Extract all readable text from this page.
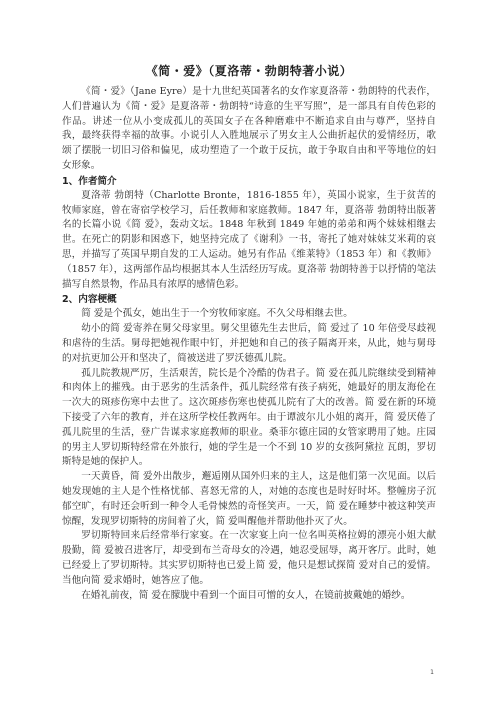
《简・爱》（夏洛蒂・勃朗特著小说）

《简・爱》（Jane Eyre）是十九世纪英国著名的女作家夏洛蒂・勃朗特的代表作，人们普遍认为《简・爱》是夏洛蒂・勃朗特“诗意的生平写照”，是一部具有自传色彩的作品。讲述一位从小变成孤儿的英国女子在各种磨难中不断追求自由与尊严，坚持自我，最终获得幸福的故事。小说引人入胜地展示了男女主人公曲折起伏的爱情经历，歌颂了摆脱一切旧习俗和偏见，成功塑造了一个敢于反抗，敢于争取自由和平等地位的妇女形象。

1、作者简介

夏洛蒂 勃朗特（Charlotte Bronte，1816-1855 年），英国小说家，生于贫苦的牧师家庭，曾在寄宿学校学习，后任教师和家庭教师。1847 年，夏洛蒂 勃朗特出版著名的长篇小说《简 爱》，轰动文坛。1848 年秋到 1849 年她的弟弟和两个妹妹相继去世。在死亡的阴影和困惑下，她坚持完成了《谢利》一书，寄托了她对妹妹艾米莉的哀思，并描写了英国早期自发的工人运动。她另有作品《维莱特》（1853 年）和《教师》（1857 年），这两部作品均根据其本人生活经历写成。夏洛蒂 勃朗特善于以抒情的笔法描写自然景物，作品具有浓厚的感情色彩。

2、内容梗概

简 爱是个孤女，她出生于一个穷牧师家庭。不久父母相继去世。

幼小的简 爱寄养在舅父母家里。舅父里德先生去世后，简 爱过了 10 年倍受尽歧视和虐待的生活。舅母把她视作眼中钉，并把她和自己的孩子隔离开来，从此，她与舅母的对抗更加公开和坚决了，简被送进了罗沃德孤儿院。

孤儿院教规严厉，生活艰苦，院长是个冷酷的伪君子。简 爱在孤儿院继续受到精神和肉体上的摧残。由于恶劣的生活条件，孤儿院经常有孩子病死，她最好的朋友海伦在一次大的斑疹伤寒中去世了。这次斑疹伤寒也使孤儿院有了大的改善。简 爱在新的环境下接受了六年的教育，并在这所学校任教两年。由于谭波尔儿小姐的离开，简 爱厌倦了孤儿院里的生活，登广告谋求家庭教师的职业。桑菲尔德庄园的女管家聘用了她。庄园的男主人罗切斯特经常在外旅行，她的学生是一个不到 10 岁的女孩阿黛拉 瓦朗，罗切斯特是她的保护人。

一天黄昏，简 爱外出散步，邂逅刚从国外归来的主人，这是他们第一次见面。以后她发现她的主人是个性格忧郁、喜怒无常的人，对她的态度也是时好时坏。整幢房子沉郁空旷，有时还会听到一种令人毛骨悚然的奇怪笑声。一天，简 爱在睡梦中被这种笑声惊醒，发现罗切斯特的房间着了火，简 爱叫醒他并帮助他扑灭了火。

罗切斯特回来后经常举行家宴。在一次家宴上向一位名叫英格拉姆的漂亮小姐大献殷勤，简 爱被召进客厅，却受到布兰奇母女的冷遇，她忍受屈辱，离开客厅。此时，她已经爱上了罗切斯特。其实罗切斯特也已爱上简 爱，他只是想试探简 爱对自己的爱情。当他向简 爱求婚时，她答应了他。

在婚礼前夜，简 爱在朦胧中看到一个面目可憎的女人，在镜前披戴她的婚纱。

1
